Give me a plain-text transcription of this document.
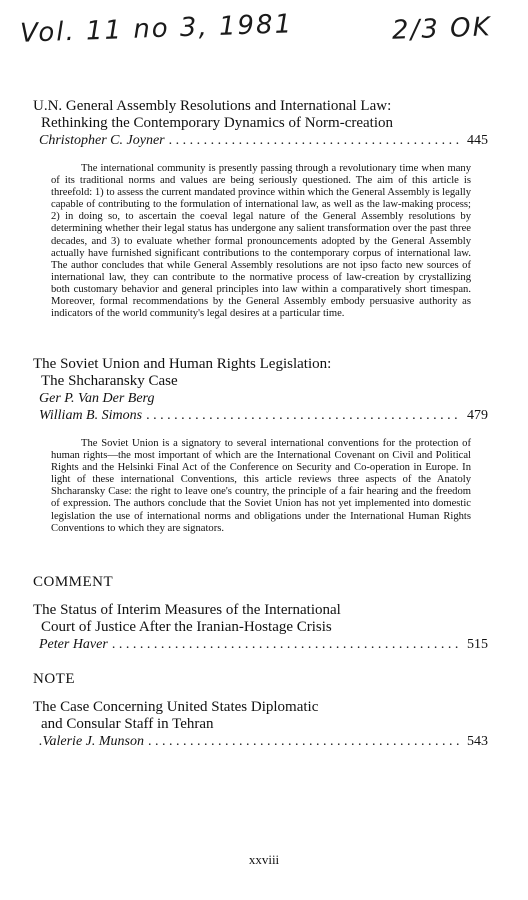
Vol. 11 no 3, 1981	2/3 OK
U.N. General Assembly Resolutions and International Law:
Rethinking the Contemporary Dynamics of Norm-creation
Christopher C. Joyner . . .	445
The international community is presently passing through a revolutionary time when many of its traditional norms and values are being seriously questioned. The aim of this article is threefold: 1) to assess the current mandated province within which the General Assembly is legally capable of contributing to the formulation of international law, as well as the law-making process; 2) in doing so, to ascertain the coeval legal nature of the General Assembly resolutions by determining whether their legal status has undergone any salient transformation over the past three decades, and 3) to evaluate whether formal pronouncements adopted by the General Assembly actually have furnished significant contributions to the contemporary corpus of international law. The author concludes that while General Assembly resolutions are not ipso facto new sources of international law, they can contribute to the normative process of law-creation by crystallizing both customary behavior and general principles into law within a comparatively short timespan. Moreover, formal recommendations by the General Assembly embody persuasive authority as indicators of the world community's legal desires at a particular time.
The Soviet Union and Human Rights Legislation:
The Shcharansky Case
Ger P. Van Der Berg
William B. Simons . . .	479
The Soviet Union is a signatory to several international conventions for the protection of human rights—the most important of which are the International Covenant on Civil and Political Rights and the Helsinki Final Act of the Conference on Security and Co-operation in Europe. In light of these international Conventions, this article reviews three aspects of the Anatoly Shcharansky Case: the right to leave one's country, the principle of a fair hearing and the freedom of expression. The authors conclude that the Soviet Union has not yet implemented into domestic legislation the use of international norms and obligations under the International Human Rights Conventions to which they are signators.
COMMENT
The Status of Interim Measures of the International
Court of Justice After the Iranian-Hostage Crisis
Peter Haver . . .	515
NOTE
The Case Concerning United States Diplomatic
and Consular Staff in Tehran
.Valerie J. Munson . . .	543
xxviii
